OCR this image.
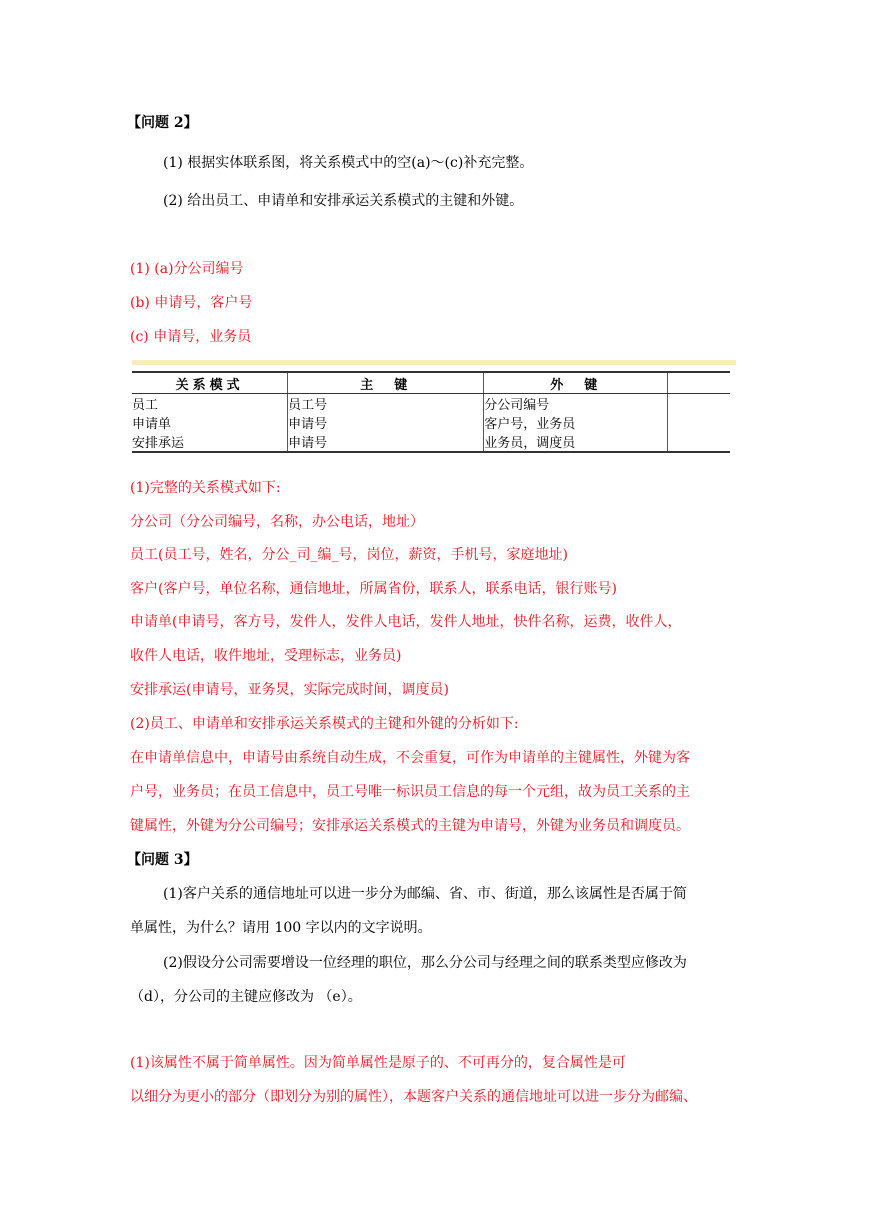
【问题 2】
(1) 根据实体联系图，将关系模式中的空(a)～(c)补充完整。
(2) 给出员工、申请单和安排承运关系模式的主键和外键。
(1) (a)分公司编号
(b) 申请号，客户号
(c) 申请号，业务员
关系模式	主　键	外　键	
员工	员工号	分公司编号	
申请单	申请号	客户号，业务员	
安排承运	申请号	业务员，调度员	
(1)完整的关系模式如下:
分公司（分公司编号，名称，办公电话，地址）
员工(员工号，姓名，分公_司_编_号，岗位，薪资，手机号，家庭地址)
客户(客户号，单位名称，通信地址，所属省份，联系人，联系电话，银行账号)
申请单(申请号，客方号，发件人，发件人电话，发件人地址，快件名称，运费，收件人，
收件人电话，收件地址，受理标志，业务员)
安排承运(申请号，亚务炅，实际完成时间，调度员)
(2)员工、申请单和安排承运关系模式的主键和外键的分析如下:
在申请单信息中，申请号由系统自动生成，不会重复，可作为申请单的主键属性，外键为客
户号，业务员；在员工信息中，员工号唯一标识员工信息的每一个元组，故为员工关系的主
键属性，外键为分公司编号；安排承运关系模式的主键为申请号，外键为业务员和调度员。
【问题 3】
(1)客户关系的通信地址可以进一步分为邮编、省、市、街道，那么该属性是否属于简
单属性，为什么？请用 100 字以内的文字说明。
(2)假设分公司需要增设一位经理的职位，那么分公司与经理之间的联系类型应修改为
（d），分公司的主键应修改为 （e）。
(1)该属性不属于简单属性。因为简单属性是原子的、不可再分的，复合属性是可
以细分为更小的部分（即划分为别的属性），本题客户关系的通信地址可以进一步分为邮编、
